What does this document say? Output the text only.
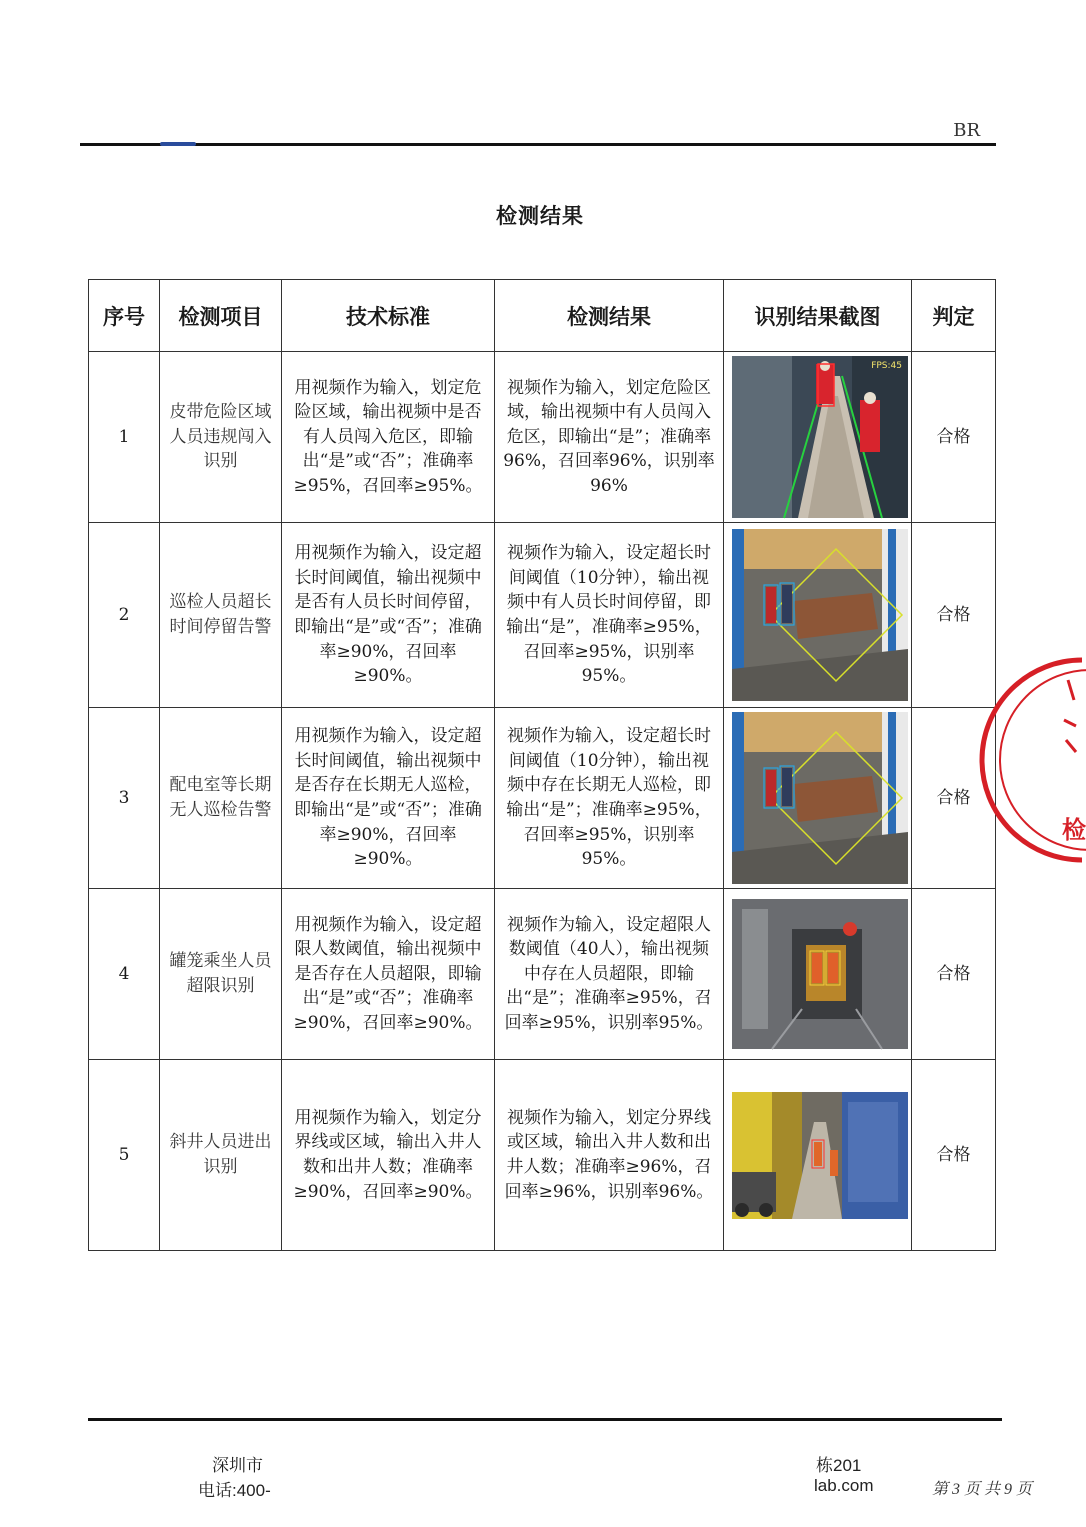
BR
检测结果
序号	检测项目	技术标准	检测结果	识别结果截图	判定
1	皮带危险区域人员违规闯入识别	用视频作为输入，划定危险区域，输出视频中是否有人员闯入危区，即输出“是”或“否”；准确率≥95%，召回率≥95%。	视频作为输入，划定危险区域，输出视频中有人员闯入危区，即输出“是”；准确率96%，召回率96%，识别率96%	FPS:45	合格
2	巡检人员超长时间停留告警	用视频作为输入，设定超长时间阈值，输出视频中是否有人员长时间停留，即输出“是”或“否”；准确率≥90%，召回率≥90%。	视频作为输入，设定超长时间阈值（10分钟），输出视频中有人员长时间停留，即输出“是”，准确率≥95%，召回率≥95%，识别率95%。		合格
3	配电室等长期无人巡检告警	用视频作为输入，设定超长时间阈值，输出视频中是否存在长期无人巡检，即输出“是”或“否”；准确率≥90%，召回率≥90%。	视频作为输入，设定超长时间阈值（10分钟），输出视频中存在长期无人巡检，即输出“是”；准确率≥95%，召回率≥95%，识别率95%。		合格
4	罐笼乘坐人员超限识别	用视频作为输入，设定超限人数阈值，输出视频中是否存在人员超限，即输出“是”或“否”；准确率≥90%，召回率≥90%。	视频作为输入，设定超限人数阈值（40人），输出视频中存在人员超限，即输出“是”；准确率≥95%，召回率≥95%，识别率95%。		合格
5	斜井人员进出识别	用视频作为输入，划定分界线或区域，输出入井人数和出井人数；准确率≥90%，召回率≥90%。	视频作为输入，划定分界线或区域，输出入井人数和出井人数；准确率≥96%，召回率≥96%，识别率96%。		合格
检
深圳市
电话:400-
栋201
lab.com	第 3 页 共 9 页
